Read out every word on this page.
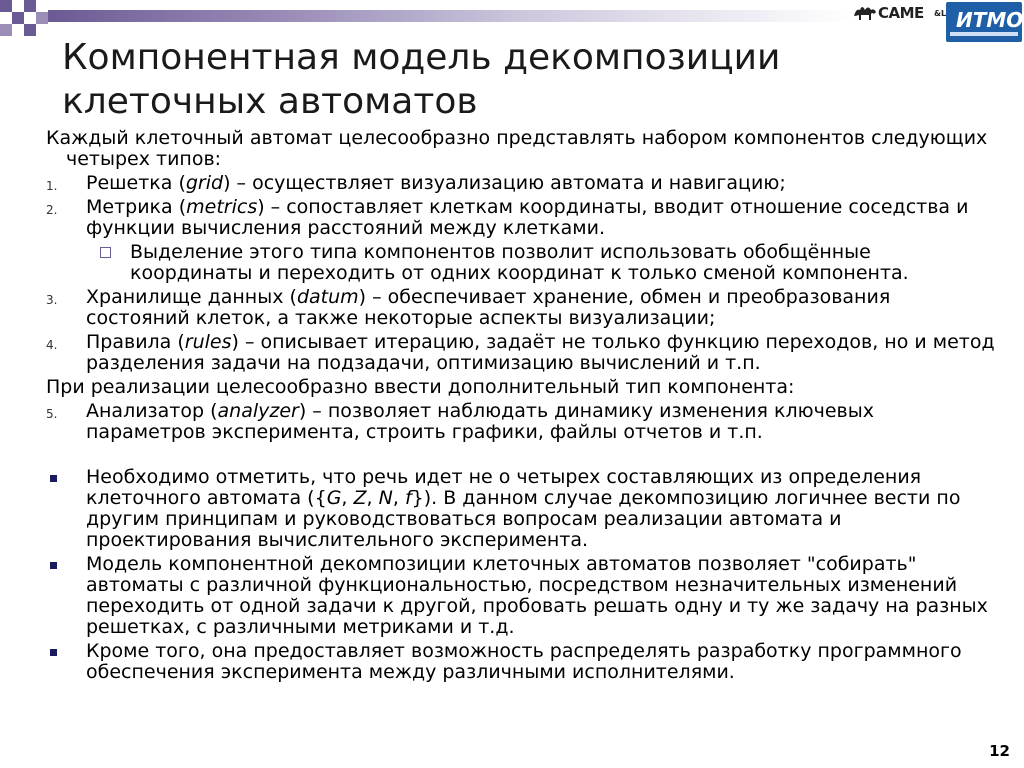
CAME &L ИТМО
Компонентная модель декомпозиции
клеточных автоматов

Каждый клеточный автомат целесообразно представлять набором компонентов следующих четырех типов:

1. Решетка (grid) – осуществляет визуализацию автомата и навигацию;
2. Метрика (metrics) – сопоставляет клеткам координаты, вводит отношение соседства и функции вычисления расстояний между клетками.
Выделение этого типа компонентов позволит использовать обобщённые координаты и переходить от одних координат к только сменой компонента.
3. Хранилище данных (datum) – обеспечивает хранение, обмен и преобразования состояний клеток, а также некоторые аспекты визуализации;
4. Правила (rules) – описывает итерацию, задаёт не только функцию переходов, но и метод разделения задачи на подзадачи, оптимизацию вычислений и т.п.

При реализации целесообразно ввести дополнительный тип компонента:

5. Анализатор (analyzer) – позволяет наблюдать динамику изменения ключевых параметров эксперимента, строить графики, файлы отчетов и т.п.
Необходимо отметить, что речь идет не о четырех составляющих из определения клеточного автомата ({G, Z, N, f}). В данном случае декомпозицию логичнее вести по другим принципам и руководствоваться вопросам реализации автомата и проектирования вычислительного эксперимента.
Модель компонентной декомпозиции клеточных автоматов позволяет "собирать" автоматы с различной функциональностью, посредством незначительных изменений переходить от одной задачи к другой, пробовать решать одну и ту же задачу на разных решетках, с различными метриками и т.д.
Кроме того, она предоставляет возможность распределять разработку программного обеспечения эксперимента между различными исполнителями.
12
